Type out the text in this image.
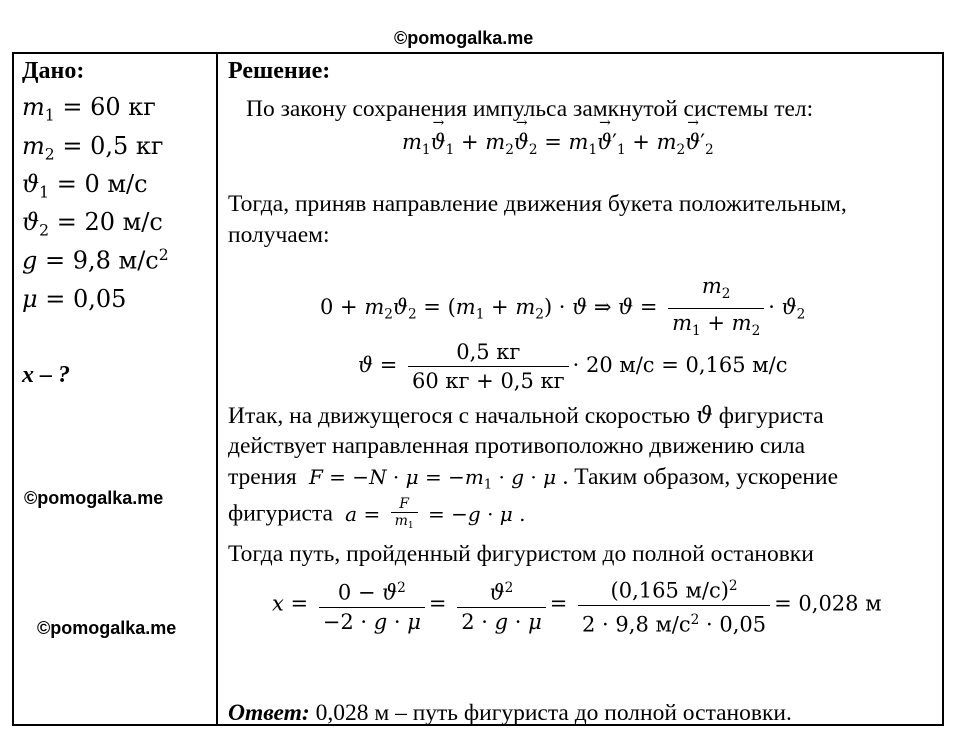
©pomogalka.me
Дано:
$m_1 = 60$ кг
$m_2 = 0,5$ кг
$ϑ_1 = 0$ м/с
$ϑ_2 = 20$ м/с
g = 9,8 $м/с^2$
μ = 0,05
x – ?
©pomogalka.me
©pomogalka.me
Решение:
По закону сохранения импульса замкнутой системы тел:
$m_1\to ϑ_1 + m_2\to ϑ_2 = m_1\to ϑ'_1 + m_2\to ϑ'_2$
Тогда, приняв направление движения букета положительным,
получаем:
$0 + m_2ϑ_2 = (m_1 + m_2) \cdot ϑ$ ⇒ $ϑ = \frac{m_2}{m_1 + m_2} \cdot ϑ_2$
$ϑ = \frac{0,5 кг}{60 кг + 0,5 кг} \cdot 20$ м/с = 0,165 м/с
Итак, на движущегося с начальной скоростью ϑ фигуриста
действует направленная противоположно движению сила
трения $F = -N \cdot \mu = -m_1 \cdot g \cdot \mu$ . Таким образом, ускорение
фигуриста $a = \frac{F}{m_1} = -g \cdot \mu$ .
Тогда путь, пройденный фигуристом до полной остановки
$x = \frac{0 - ϑ^2}{-2 \cdot g \cdot \mu} = \frac{ϑ^2}{2 \cdot g \cdot \mu} = \frac{(0,165 м/с)^2}{2 \cdot 9,8 м/с^2 \cdot 0,05} = 0,028$ м
Ответ: 0,028 м – путь фигуриста до полной остановки.
